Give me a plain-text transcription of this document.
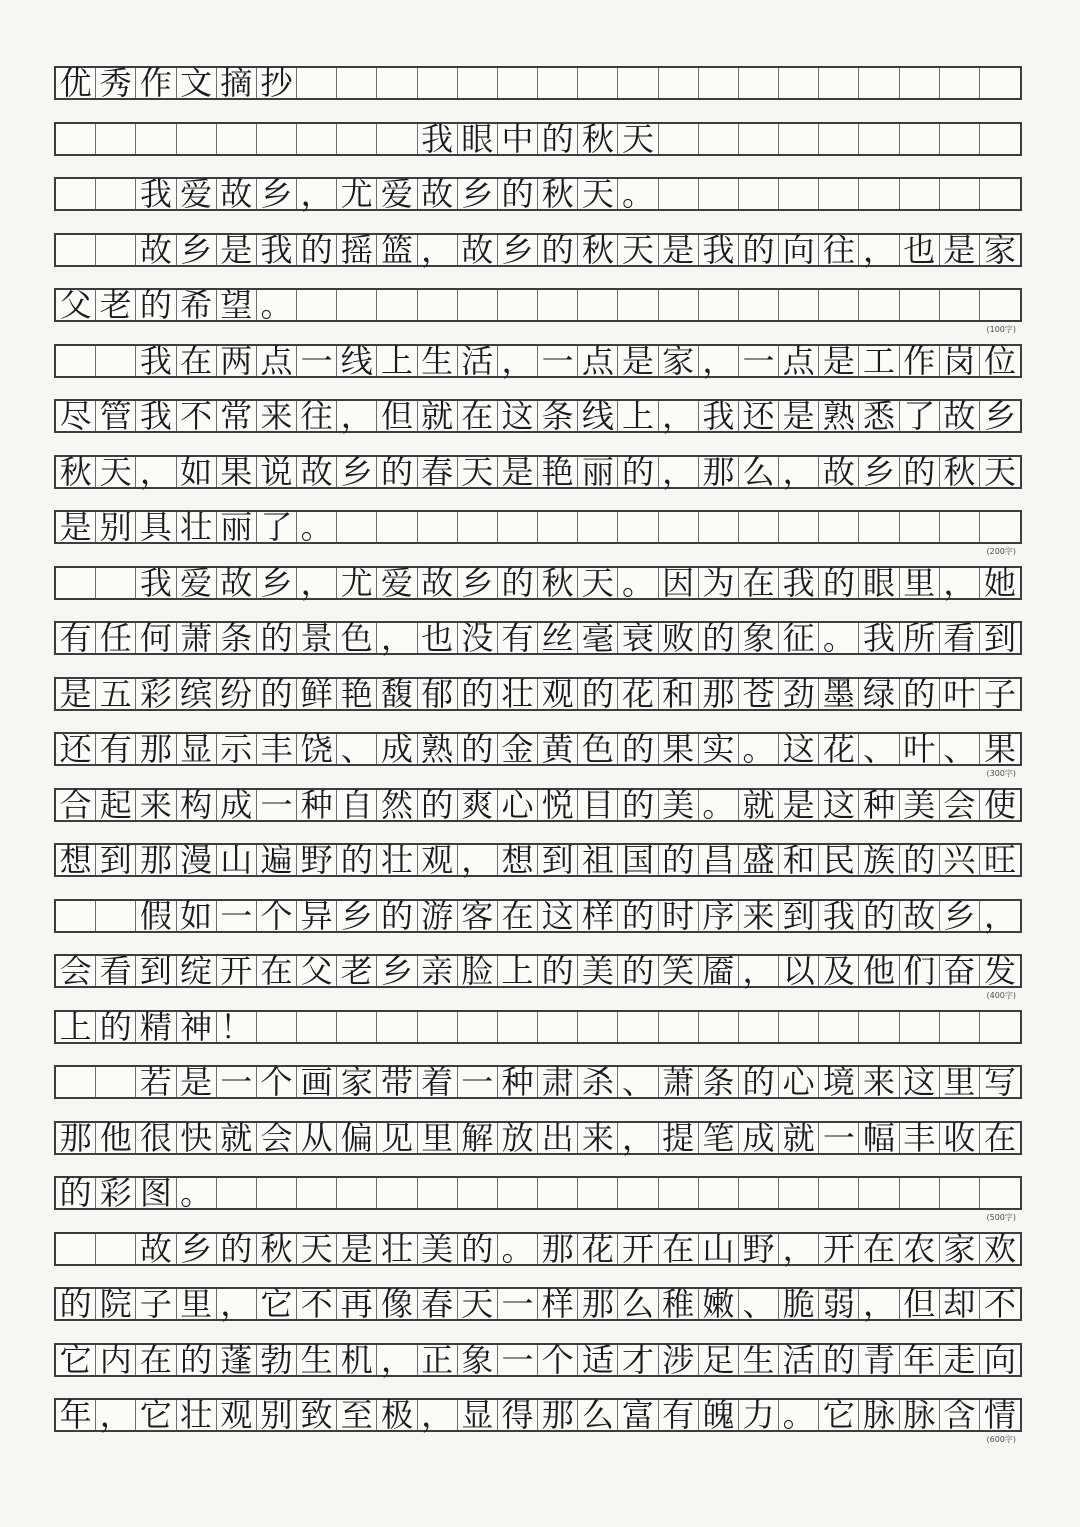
优 秀 作 文 摘 抄
我 眼 中 的 秋 天
我 爱 故 乡 ， 尤 爱 故 乡 的 秋 天 。
故 乡 是 我 的 摇 篮 ， 故 乡 的 秋 天 是 我 的 向 往 ， 也 是 家
父 老 的 希 望 。
我 在 两 点 一 线 上 生 活 ， 一 点 是 家 ， 一 点 是 工 作 岗 位
尽 管 我 不 常 来 往 ， 但 就 在 这 条 线 上 ， 我 还 是 熟 悉 了 故 乡
秋 天 ， 如 果 说 故 乡 的 春 天 是 艳 丽 的 ， 那 么 ， 故 乡 的 秋 天
是 别 具 壮 丽 了 。
我 爱 故 乡 ， 尤 爱 故 乡 的 秋 天 。 因 为 在 我 的 眼 里 ， 她
有 任 何 萧 条 的 景 色 ， 也 没 有 丝 毫 衰 败 的 象 征 。 我 所 看 到
是 五 彩 缤 纷 的 鲜 艳 馥 郁 的 壮 观 的 花 和 那 苍 劲 墨 绿 的 叶 子
还 有 那 显 示 丰 饶 、 成 熟 的 金 黄 色 的 果 实 。 这 花 、 叶 、 果
合 起 来 构 成 一 种 自 然 的 爽 心 悦 目 的 美 。 就 是 这 种 美 会 使
想 到 那 漫 山 遍 野 的 壮 观 ， 想 到 祖 国 的 昌 盛 和 民 族 的 兴 旺
假 如 一 个 异 乡 的 游 客 在 这 样 的 时 序 来 到 我 的 故 乡 ，
会 看 到 绽 开 在 父 老 乡 亲 脸 上 的 美 的 笑 靥 ， 以 及 他 们 奋 发
上 的 精 神 ！
若 是 一 个 画 家 带 着 一 种 肃 杀 、 萧 条 的 心 境 来 这 里 写
那 他 很 快 就 会 从 偏 见 里 解 放 出 来 ， 提 笔 成 就 一 幅 丰 收 在
的 彩 图 。
故 乡 的 秋 天 是 壮 美 的 。 那 花 开 在 山 野 ， 开 在 农 家 欢
的 院 子 里 ， 它 不 再 像 春 天 一 样 那 么 稚 嫩 、 脆 弱 ， 但 却 不
它 内 在 的 蓬 勃 生 机 ， 正 象 一 个 适 才 涉 足 生 活 的 青 年 走 向
年 ， 它 壮 观 别 致 至 极 ， 显 得 那 么 富 有 魄 力 。 它 脉 脉 含 情
(100字)
(200字)
(300字)
(400字)
(500字)
(600字)
